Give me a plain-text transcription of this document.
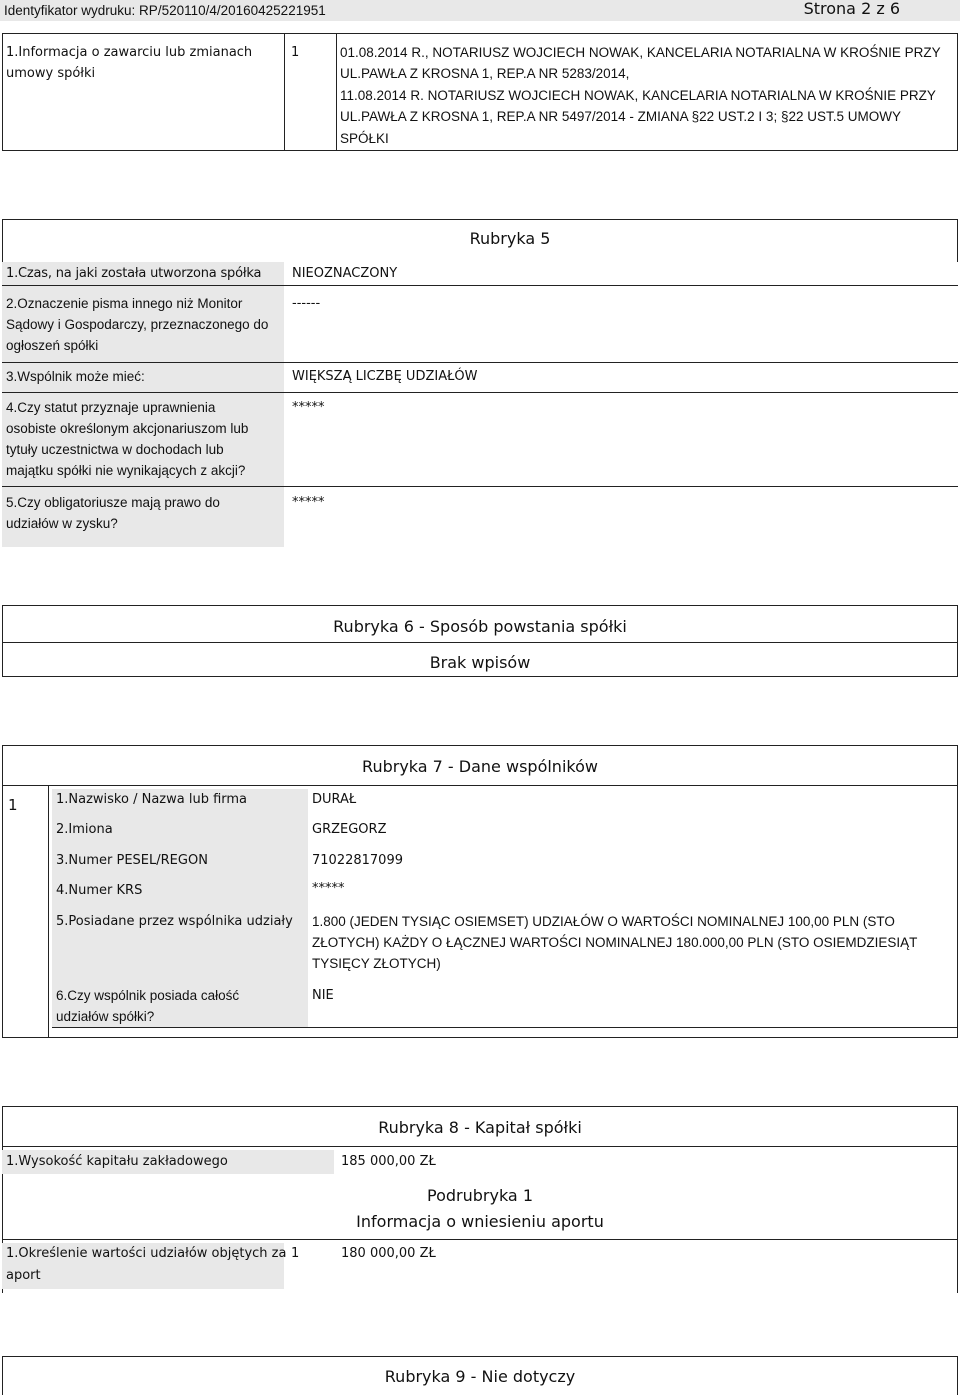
Identyfikator wydruku: RP/520110/4/20160425221951	Strona 2 z 6
1.Informacja o zawarciu lub zmianach
umowy spółki
1	01.08.2014 R., NOTARIUSZ WOJCIECH NOWAK, KANCELARIA NOTARIALNA W KROŚNIE PRZY
UL.PAWŁA Z KROSNA 1, REP.A NR 5283/2014,
11.08.2014 R. NOTARIUSZ WOJCIECH NOWAK, KANCELARIA NOTARIALNA W KROŚNIE PRZY
UL.PAWŁA Z KROSNA 1, REP.A NR 5497/2014 - ZMIANA §22 UST.2 I 3; §22 UST.5 UMOWY
SPÓŁKI
Rubryka 5
1.Czas, na jaki została utworzona spółka NIEOZNACZONY
2.Oznaczenie pisma innego niż Monitor
Sądowy i Gospodarczy, przeznaczonego do
ogłoszeń spółki
------
3.Wspólnik może mieć:	WIĘKSZĄ LICZBĘ UDZIAŁÓW
4.Czy statut przyznaje uprawnienia
osobiste określonym akcjonariuszom lub
tytuły uczestnictwa w dochodach lub
majątku spółki nie wynikających z akcji?
*****
5.Czy obligatoriusze mają prawo do
udziałów w zysku?
*****
Rubryka 6 - Sposób powstania spółki
Brak wpisów
Rubryka 7 - Dane wspólników
1	1.Nazwisko / Nazwa lub firma	DURAŁ
2.Imiona	GRZEGORZ
3.Numer PESEL/REGON	71022817099
4.Numer KRS	*****
5.Posiadane przez wspólnika udziały 1.800 (JEDEN TYSIĄC OSIEMSET) UDZIAŁÓW O WARTOŚCI NOMINALNEJ 100,00 PLN (STO
ZŁOTYCH) KAŻDY O ŁĄCZNEJ WARTOŚCI NOMINALNEJ 180.000,00 PLN (STO OSIEMDZIESIĄT
TYSIĘCY ZŁOTYCH)
6.Czy wspólnik posiada całość
udziałów spółki?
NIE
Rubryka 8 - Kapitał spółki
1.Wysokość kapitału zakładowego	185 000,00 ZŁ
Podrubryka 1
Informacja o wniesieniu aportu
1.Określenie wartości udziałów objętych za
aport
1	180 000,00 ZŁ
Rubryka 9 - Nie dotyczy
